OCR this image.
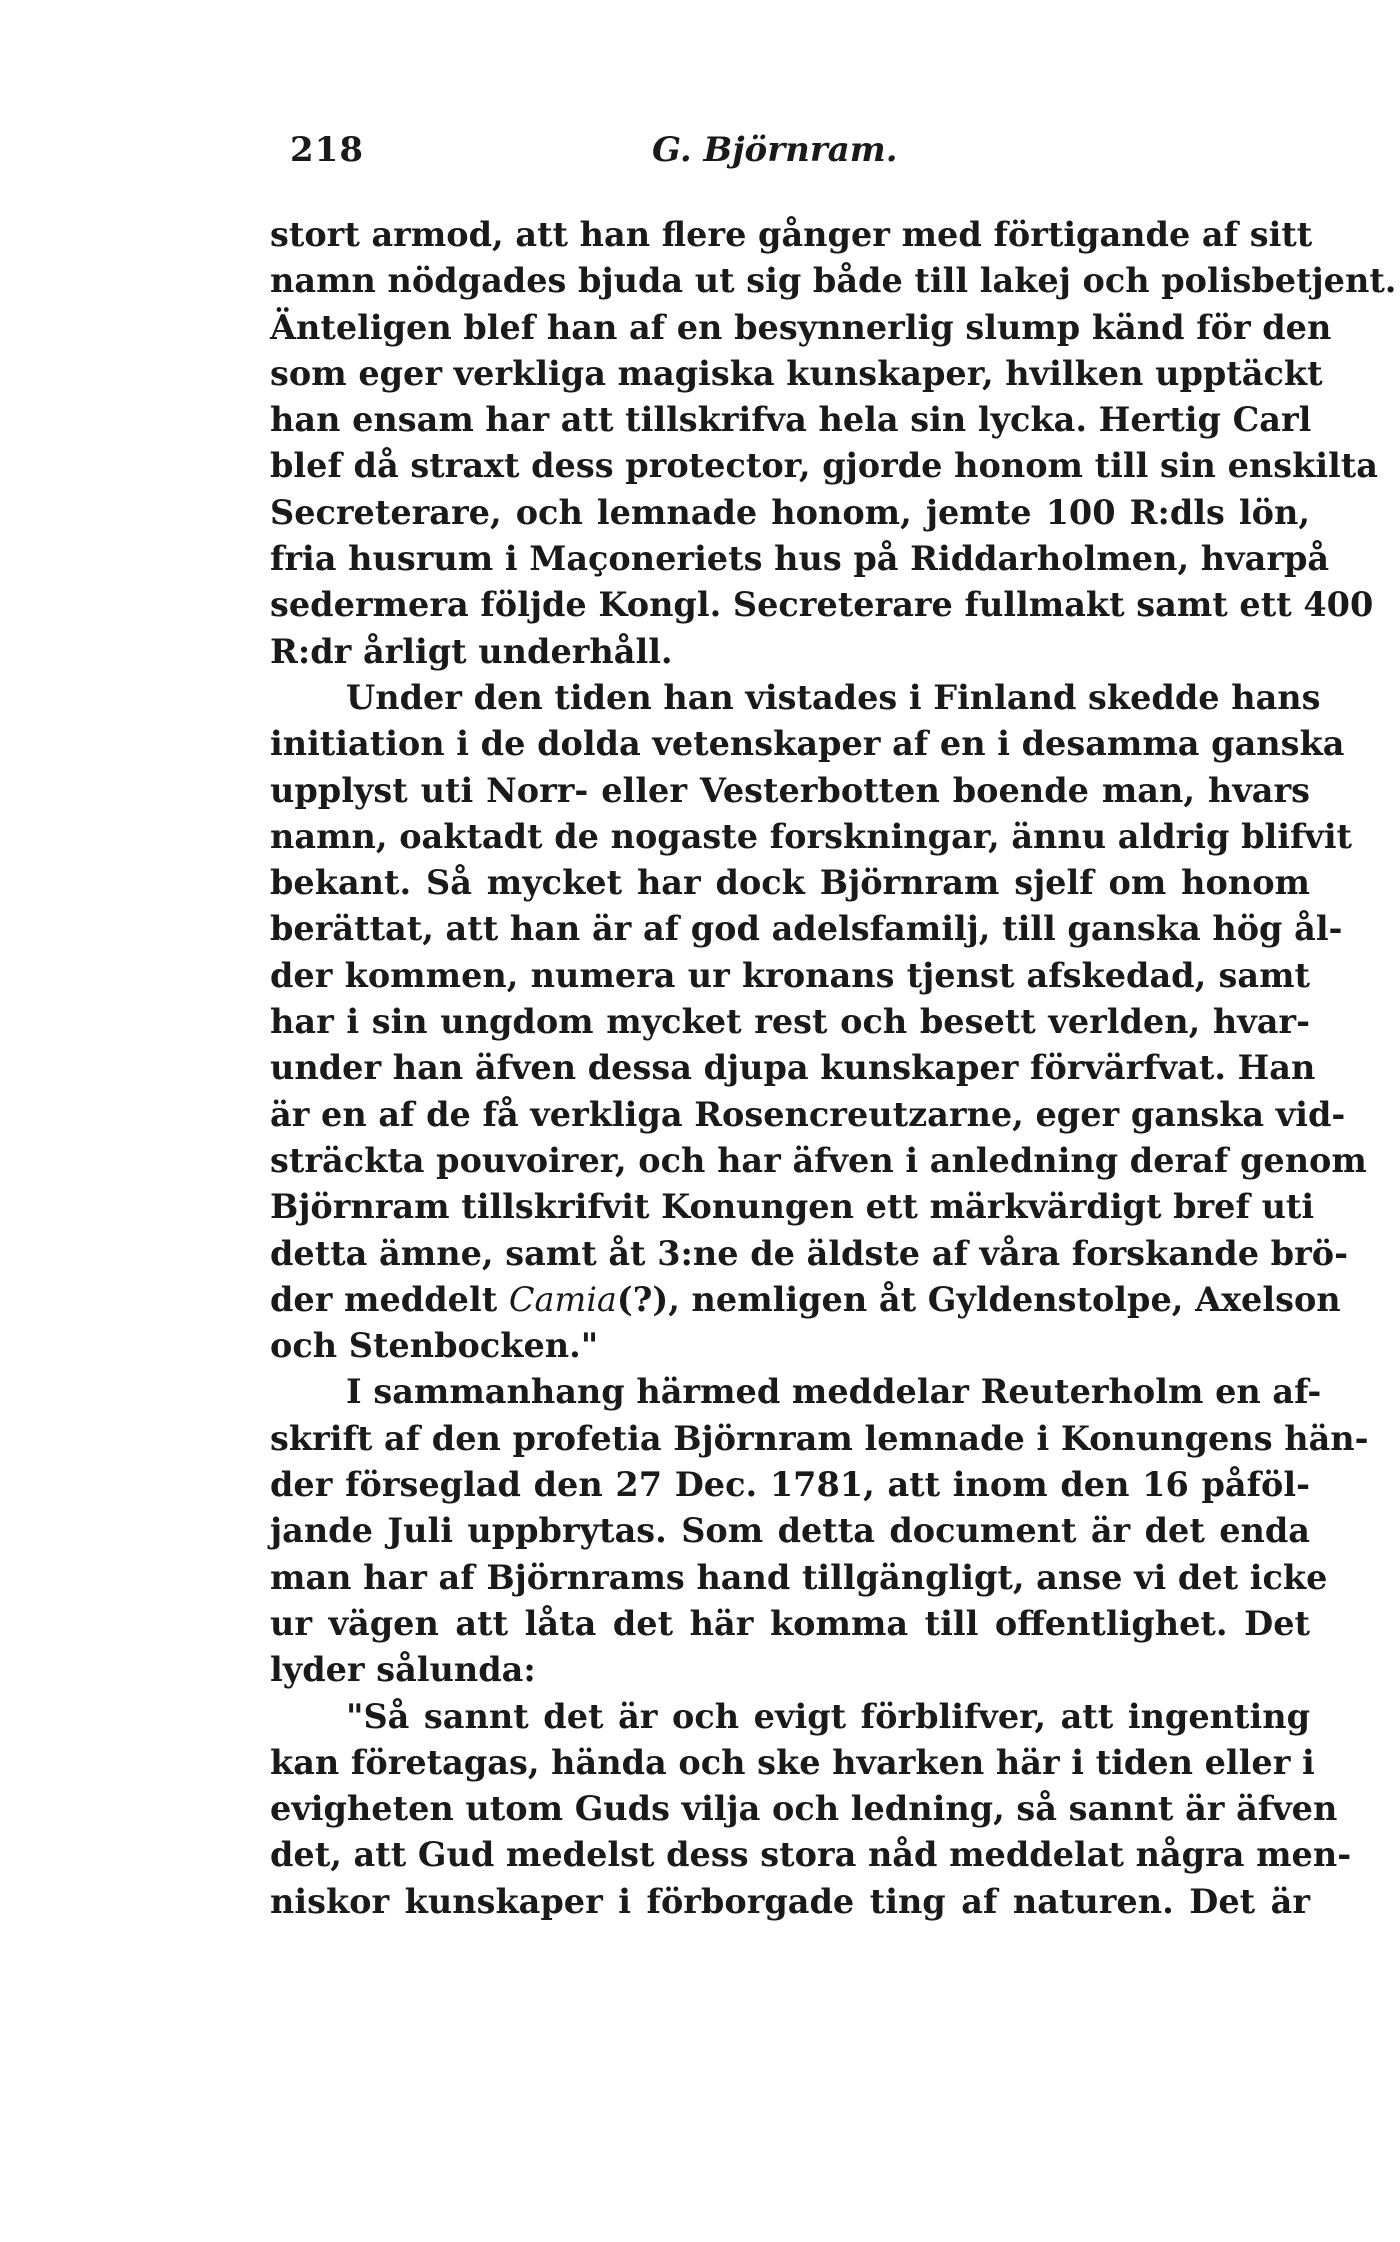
218	G. Björnram.
stort armod, att han flere gånger med förtigande af sitt
namn nödgades bjuda ut sig både till lakej och polisbetjent.
Änteligen blef han af en besynnerlig slump känd för den
som eger verkliga magiska kunskaper, hvilken upptäckt
han ensam har att tillskrifva hela sin lycka. Hertig Carl
blef då straxt dess protector, gjorde honom till sin enskilta
Secreterare, och lemnade honom, jemte 100 R:dls lön,
fria husrum i Maçoneriets hus på Riddarholmen, hvarpå
sedermera följde Kongl. Secreterare fullmakt samt ett 400
R:dr årligt underhåll.
Under den tiden han vistades i Finland skedde hans
initiation i de dolda vetenskaper af en i desamma ganska
upplyst uti Norr- eller Vesterbotten boende man, hvars
namn, oaktadt de nogaste forskningar, ännu aldrig blifvit
bekant. Så mycket har dock Björnram sjelf om honom
berättat, att han är af god adelsfamilj, till ganska hög ål-
der kommen, numera ur kronans tjenst afskedad, samt
har i sin ungdom mycket rest och besett verlden, hvar-
under han äfven dessa djupa kunskaper förvärfvat. Han
är en af de få verkliga Rosencreutzarne, eger ganska vid-
sträckta pouvoirer, och har äfven i anledning deraf genom
Björnram tillskrifvit Konungen ett märkvärdigt bref uti
detta ämne, samt åt 3:ne de äldste af våra forskande brö-
der meddelt Camia(?), nemligen åt Gyldenstolpe, Axelson
och Stenbocken."
I sammanhang härmed meddelar Reuterholm en af-
skrift af den profetia Björnram lemnade i Konungens hän-
der förseglad den 27 Dec. 1781, att inom den 16 påföl-
jande Juli uppbrytas. Som detta document är det enda
man har af Björnrams hand tillgängligt, anse vi det icke
ur vägen att låta det här komma till offentlighet. Det
lyder sålunda:
"Så sannt det är och evigt förblifver, att ingenting
kan företagas, hända och ske hvarken här i tiden eller i
evigheten utom Guds vilja och ledning, så sannt är äfven
det, att Gud medelst dess stora nåd meddelat några men-
niskor kunskaper i förborgade ting af naturen. Det är
